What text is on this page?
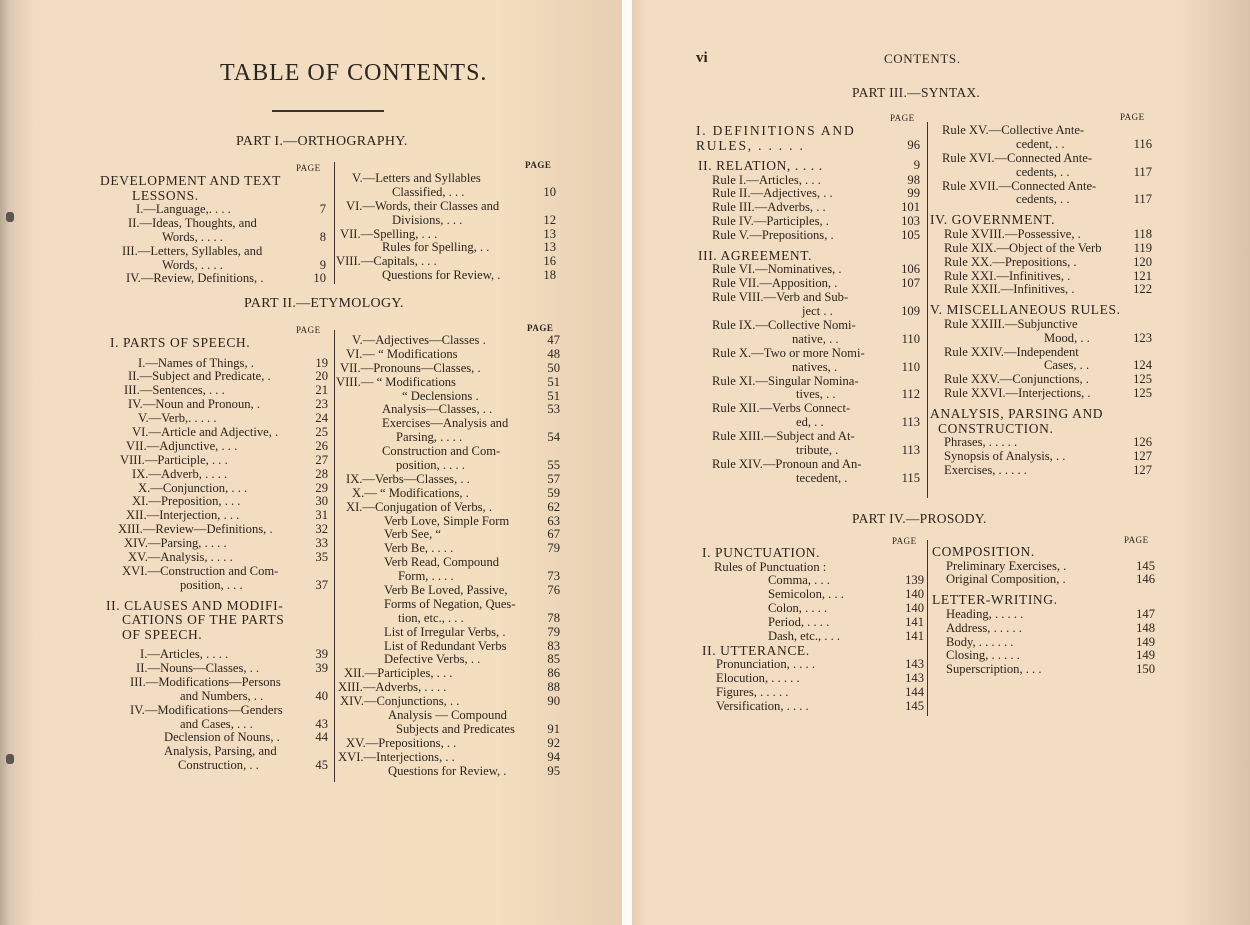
TABLE OF CONTENTS.
PART I.—ORTHOGRAPHY.
PAGE	PAGE
DEVELOPMENT AND TEXT
LESSONS.
I.—Language,. . . .	7
II.—Ideas, Thoughts, and
Words, . . . .	8
III.—Letters, Syllables, and
Words, . . . .	9
IV.—Review, Definitions, .	10
V.—Letters and Syllables
Classified, . . .	10
VI.—Words, their Classes and
Divisions, . . .	12
VII.—Spelling, . . .	13
Rules for Spelling, . .	13
VIII.—Capitals, . . .	16
Questions for Review, .	18
PART II.—ETYMOLOGY.
PAGE	PAGE
I. PARTS OF SPEECH.
I.—Names of Things, .	19
II.—Subject and Predicate, .	20
III.—Sentences, . . .	21
IV.—Noun and Pronoun, .	23
V.—Verb,. . . . .	24
VI.—Article and Adjective, .	25
VII.—Adjunctive, . . .	26
VIII.—Participle, . . .	27
IX.—Adverb, . . . .	28
X.—Conjunction, . . .	29
XI.—Preposition, . . .	30
XII.—Interjection, . . .	31
XIII.—Review—Definitions, .	32
XIV.—Parsing, . . . .	33
XV.—Analysis, . . . .	35
XVI.—Construction and Com-
position, . . .	37
II. CLAUSES AND MODIFI-
CATIONS OF THE PARTS
OF SPEECH.
I.—Articles, . . . .	39
II.—Nouns—Classes, . .	39
III.—Modifications—Persons
and Numbers, . .	40
IV.—Modifications—Genders
and Cases, . . .	43
Declension of Nouns, .	44
Analysis, Parsing, and
Construction, . .	45
V.—Adjectives—Classes .	47
VI.— “ Modifications	48
VII.—Pronouns—Classes, .	50
VIII.— “ Modifications	51
“ Declensions .	51
Analysis—Classes, . .	53
Exercises—Analysis and
Parsing, . . . .	54
Construction and Com-
position, . . . .	55
IX.—Verbs—Classes, . .	57
X.— “ Modifications, .	59
XI.—Conjugation of Verbs, .	62
Verb Love, Simple Form	63
Verb See, “	67
Verb Be, . . . .	79
Verb Read, Compound
Form, . . . .	73
Verb Be Loved, Passive,	76
Forms of Negation, Ques-
tion, etc., . . .	78
List of Irregular Verbs, .	79
List of Redundant Verbs	83
Defective Verbs, . .	85
XII.—Participles, . . .	86
XIII.—Adverbs, . . . .	88
XIV.—Conjunctions, . .	90
Analysis — Compound
Subjects and Predicates	91
XV.—Prepositions, . .	92
XVI.—Interjections, . .	94
Questions for Review, .	95
vi	CONTENTS.
PART III.—SYNTAX.
PAGE	PAGE
I. DEFINITIONS AND
RULES, . . . . .	96
II. RELATION, . . . .	9
Rule I.—Articles, . . .	98
Rule II.—Adjectives, . .	99
Rule III.—Adverbs, . .	101
Rule IV.—Participles, .	103
Rule V.—Prepositions, .	105
III. AGREEMENT.
Rule VI.—Nominatives, .	106
Rule VII.—Apposition, .	107
Rule VIII.—Verb and Sub-
ject . .	109
Rule IX.—Collective Nomi-
native, . .	110
Rule X.—Two or more Nomi-
natives, .	110
Rule XI.—Singular Nomina-
tives, . .	112
Rule XII.—Verbs Connect-
ed, . .	113
Rule XIII.—Subject and At-
tribute, .	113
Rule XIV.—Pronoun and An-
tecedent, .	115
Rule XV.—Collective Ante-
cedent, . .	116
Rule XVI.—Connected Ante-
cedents, . .	117
Rule XVII.—Connected Ante-
cedents, . .	117
IV. GOVERNMENT.
Rule XVIII.—Possessive, .	118
Rule XIX.—Object of the Verb	119
Rule XX.—Prepositions, .	120
Rule XXI.—Infinitives, .	121
Rule XXII.—Infinitives, .	122
V. MISCELLANEOUS RULES.
Rule XXIII.—Subjunctive
Mood, . .	123
Rule XXIV.—Independent
Cases, . .	124
Rule XXV.—Conjunctions, .	125
Rule XXVI.—Interjections, .	125
ANALYSIS, PARSING AND
CONSTRUCTION.
Phrases, . . . . .	126
Synopsis of Analysis, . .	127
Exercises, . . . . .	127
PART IV.—PROSODY.
PAGE	PAGE
I. PUNCTUATION.
Rules of Punctuation :
Comma, . . .	139
Semicolon, . . .	140
Colon, . . . .	140
Period, . . . .	141
Dash, etc., . . .	141
II. UTTERANCE.
Pronunciation, . . . .	143
Elocution, . . . . .	143
Figures, . . . . .	144
Versification, . . . .	145
COMPOSITION.
Preliminary Exercises, .	145
Original Composition, .	146
LETTER-WRITING.
Heading, . . . . .	147
Address, . . . . .	148
Body, . . . . . .	149
Closing, . . . . .	149
Superscription, . . .	150
